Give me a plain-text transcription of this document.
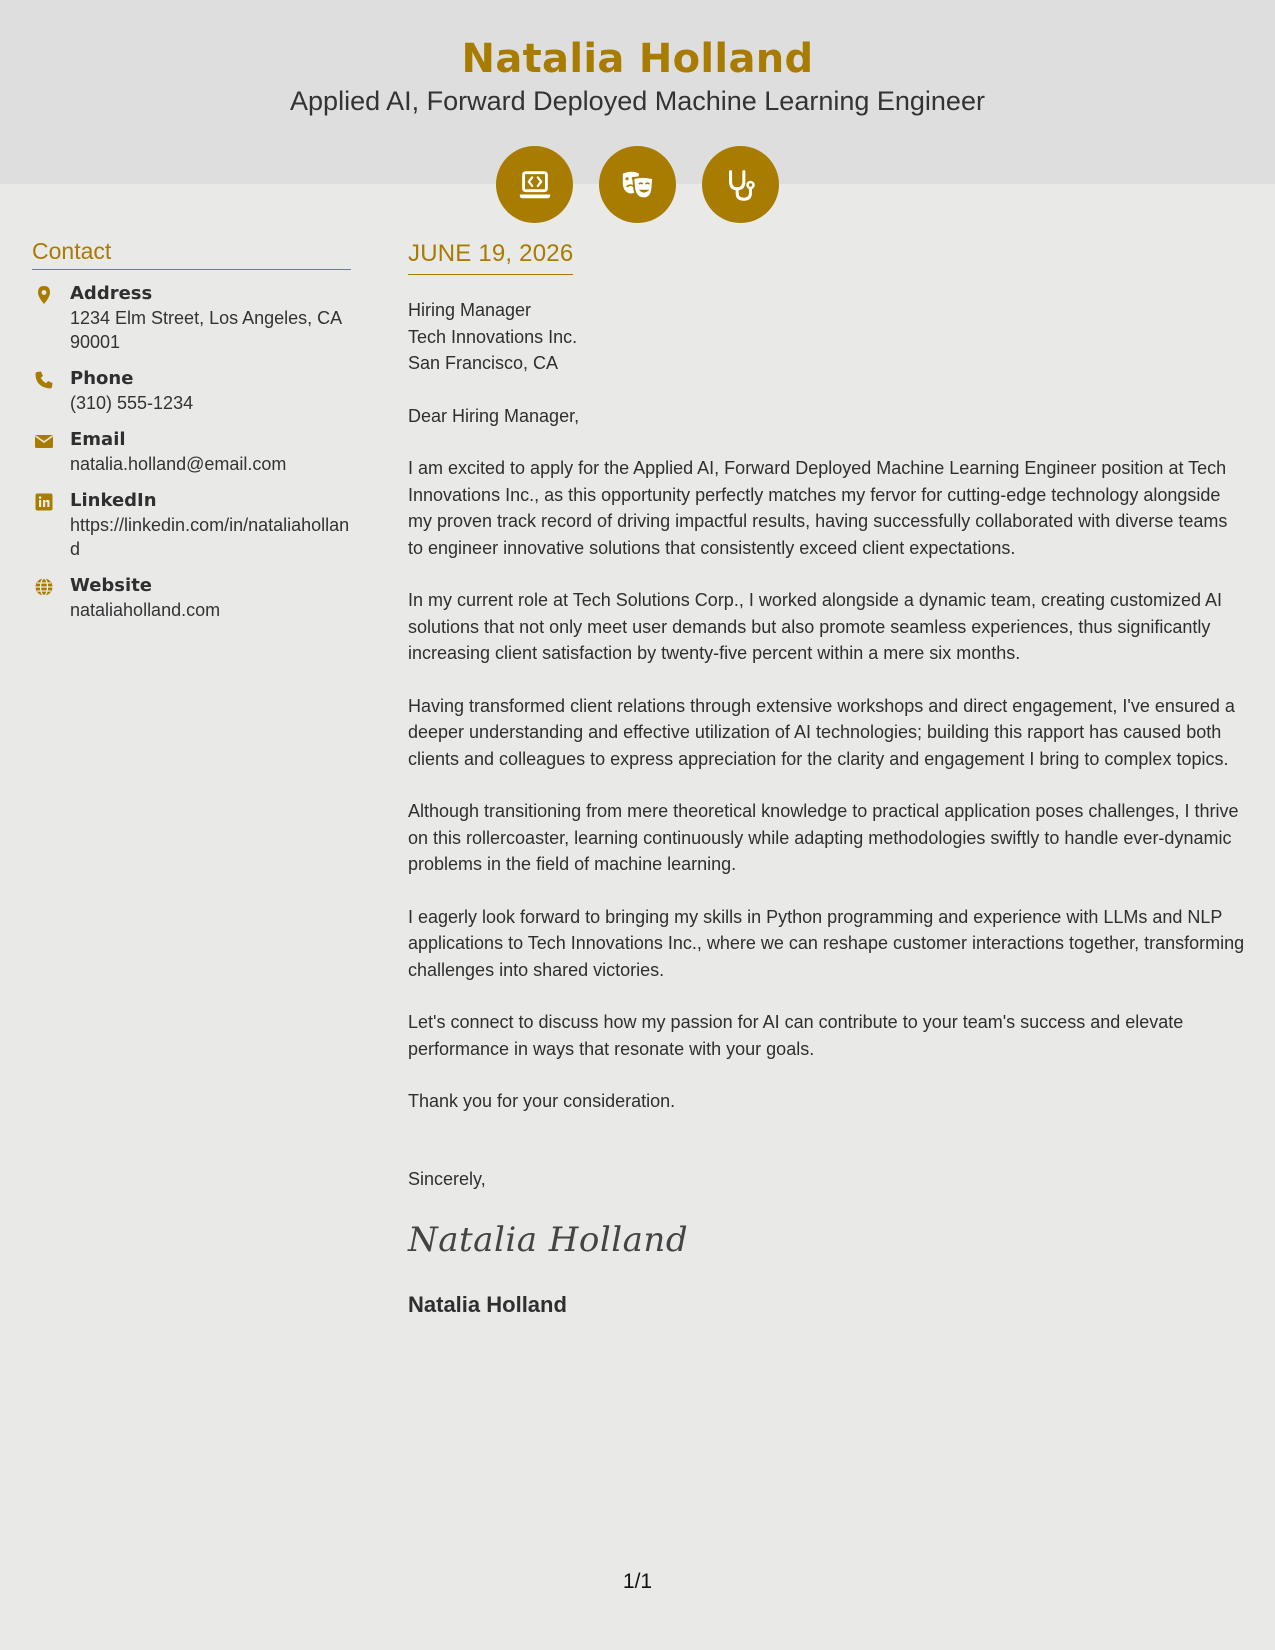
Natalia Holland
Applied AI, Forward Deployed Machine Learning Engineer
Contact
Address
1234 Elm Street, Los Angeles, CA 90001
Phone
(310) 555-1234
Email
natalia.holland@email.com
LinkedIn
https://linkedin.com/in/nataliaholland
Website
nataliaholland.com
JUNE 19, 2026
Hiring Manager
Tech Innovations Inc.
San Francisco, CA

Dear Hiring Manager,

I am excited to apply for the Applied AI, Forward Deployed Machine Learning Engineer position at Tech Innovations Inc., as this opportunity perfectly matches my fervor for cutting-edge technology alongside my proven track record of driving impactful results, having successfully collaborated with diverse teams to engineer innovative solutions that consistently exceed client expectations.

In my current role at Tech Solutions Corp., I worked alongside a dynamic team, creating customized AI solutions that not only meet user demands but also promote seamless experiences, thus significantly increasing client satisfaction by twenty-five percent within a mere six months.

Having transformed client relations through extensive workshops and direct engagement, I've ensured a deeper understanding and effective utilization of AI technologies; building this rapport has caused both clients and colleagues to express appreciation for the clarity and engagement I bring to complex topics.

Although transitioning from mere theoretical knowledge to practical application poses challenges, I thrive on this rollercoaster, learning continuously while adapting methodologies swiftly to handle ever-dynamic problems in the field of machine learning.

I eagerly look forward to bringing my skills in Python programming and experience with LLMs and NLP applications to Tech Innovations Inc., where we can reshape customer interactions together, transforming challenges into shared victories.

Let's connect to discuss how my passion for AI can contribute to your team's success and elevate performance in ways that resonate with your goals.

Thank you for your consideration.

Sincerely,
Natalia Holland
Natalia Holland
1/1
